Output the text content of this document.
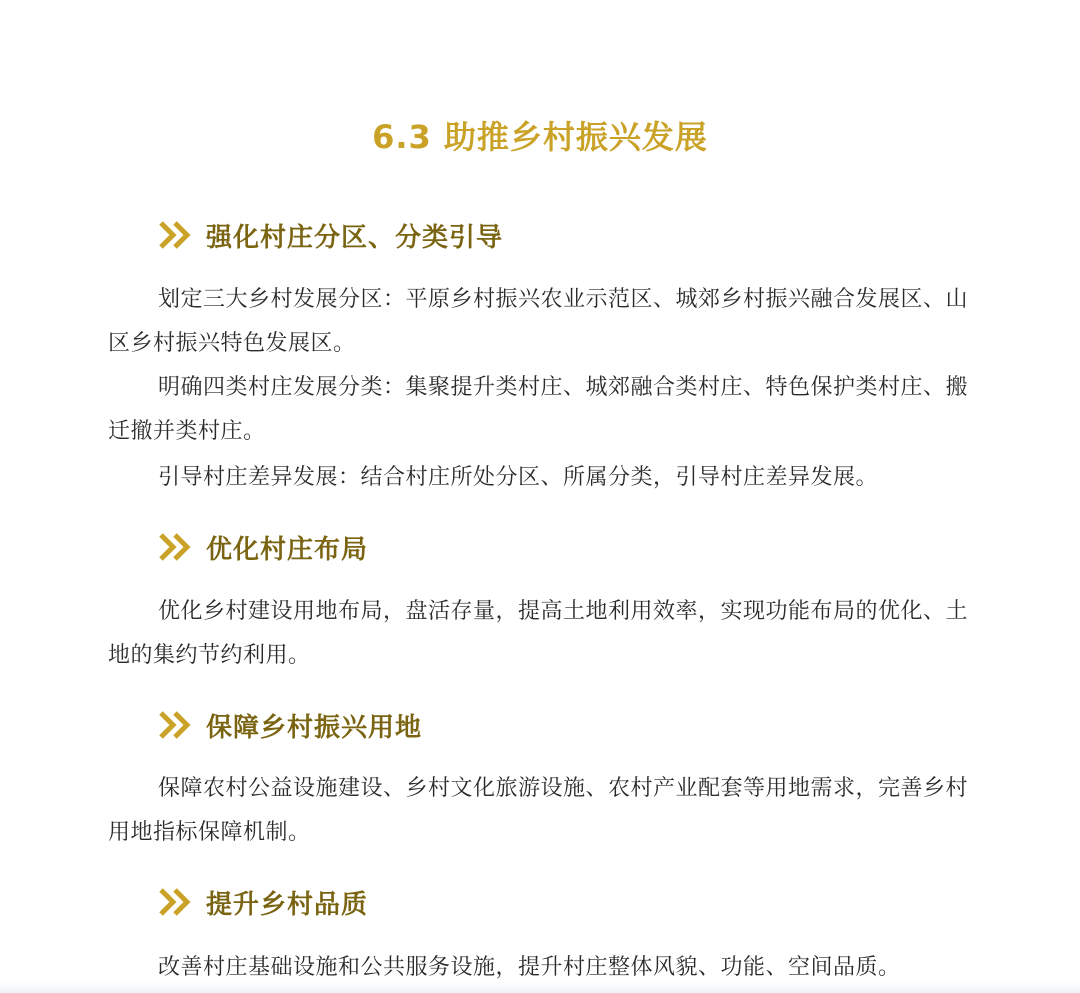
6.3 助推乡村振兴发展
强化村庄分区、分类引导
划定三大乡村发展分区：平原乡村振兴农业示范区、城郊乡村振兴融合发展区、山区乡村振兴特色发展区。
明确四类村庄发展分类：集聚提升类村庄、城郊融合类村庄、特色保护类村庄、搬迁撤并类村庄。
引导村庄差异发展：结合村庄所处分区、所属分类，引导村庄差异发展。
优化村庄布局
优化乡村建设用地布局，盘活存量，提高土地利用效率，实现功能布局的优化、土地的集约节约利用。
保障乡村振兴用地
保障农村公益设施建设、乡村文化旅游设施、农村产业配套等用地需求，完善乡村用地指标保障机制。
提升乡村品质
改善村庄基础设施和公共服务设施，提升村庄整体风貌、功能、空间品质。
